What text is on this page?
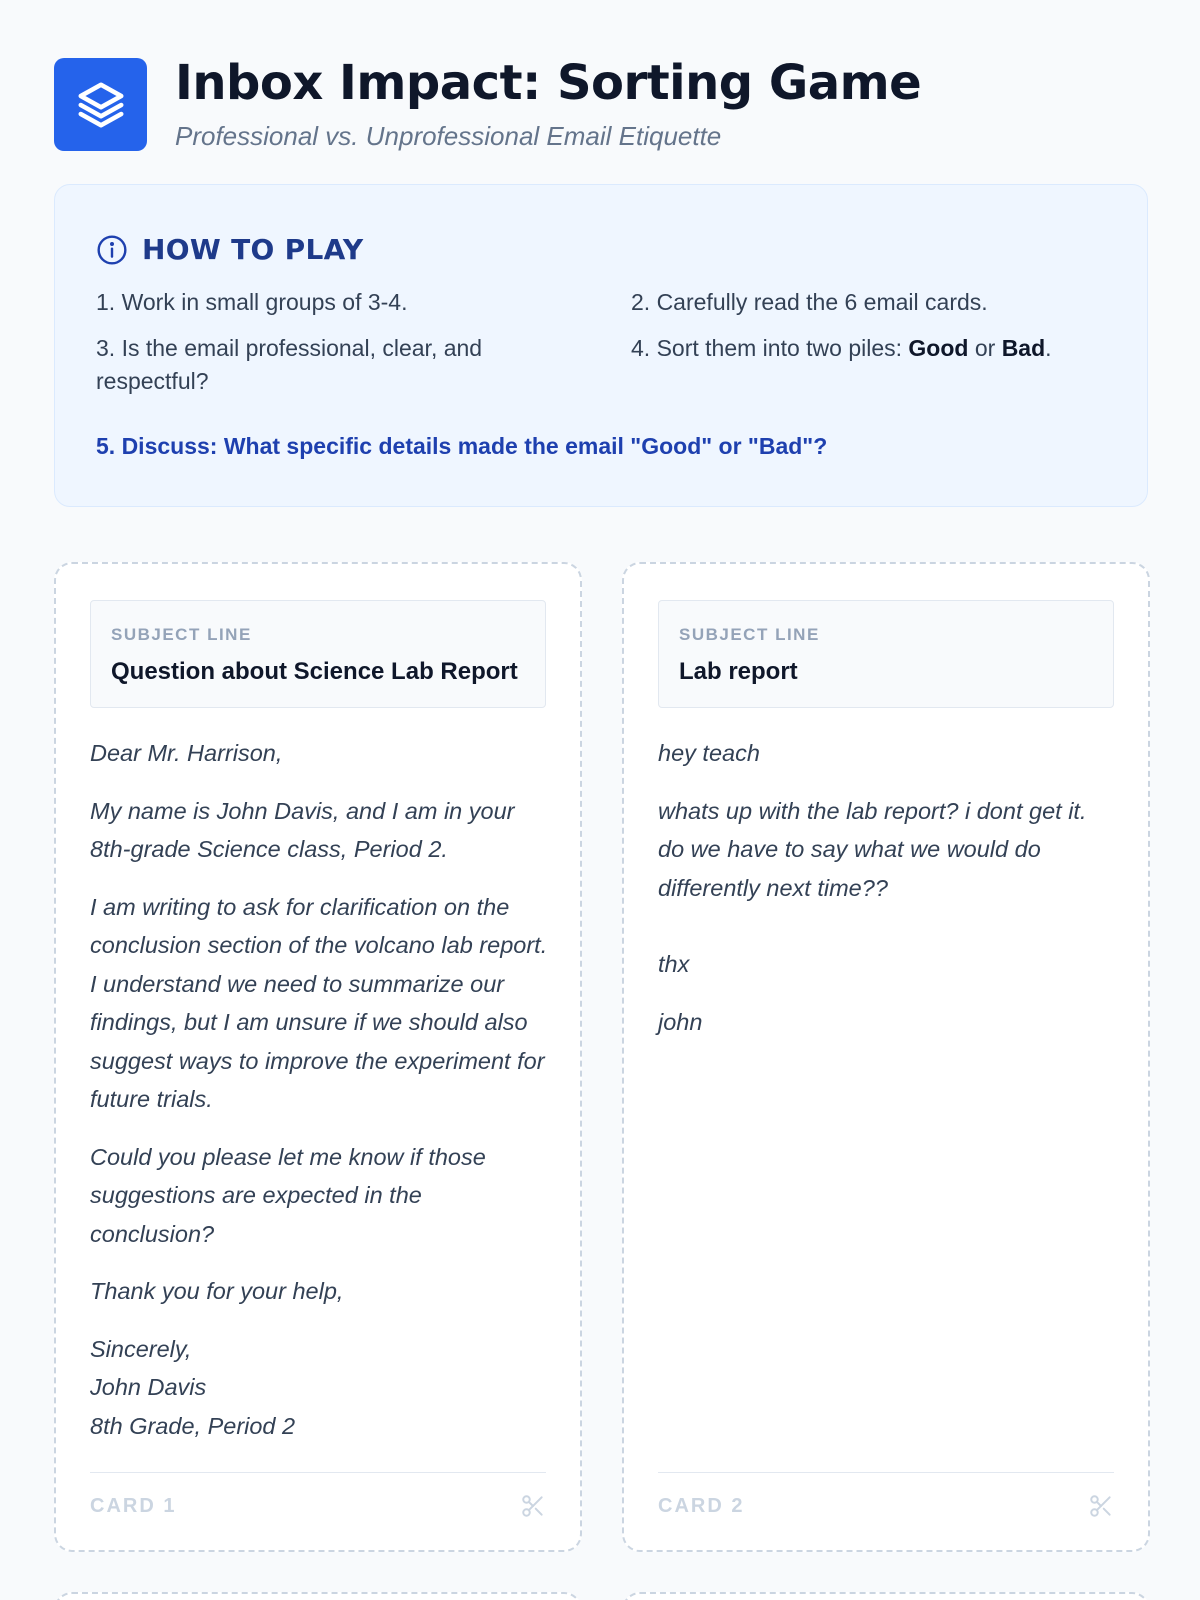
Inbox Impact: Sorting Game
Professional vs. Unprofessional Email Etiquette
HOW TO PLAY
1. Work in small groups of 3-4.	2. Carefully read the 6 email cards.
3. Is the email professional, clear, and respectful?
4. Sort them into two piles: Good or Bad.
5. Discuss: What specific details made the email "Good" or "Bad"?
SUBJECT LINE
Question about Science Lab Report

Dear Mr. Harrison,

My name is John Davis, and I am in your 8th-grade Science class, Period 2.

I am writing to ask for clarification on the conclusion section of the volcano lab report. I understand we need to summarize our findings, but I am unsure if we should also suggest ways to improve the experiment for future trials.

Could you please let me know if those suggestions are expected in the conclusion?

Thank you for your help,

Sincerely,
John Davis
8th Grade, Period 2

CARD 1
SUBJECT LINE
Lab report

hey teach

whats up with the lab report? i dont get it. do we have to say what we would do differently next time??

thx

john

CARD 2
